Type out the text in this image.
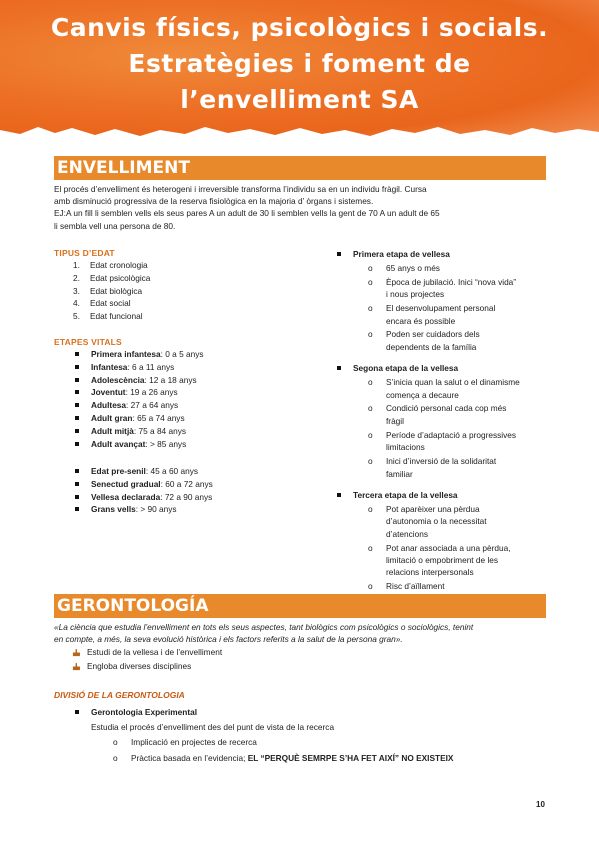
Canvis físics, psicològics i socials.
Estratègies i foment de
l’envelliment SA
ENVELLIMENT
El procés d’envelliment és heterogeni i irreversible transforma l’individu sa en un individu fràgil. Cursa
amb disminució progressiva de la reserva fisiològica en la majoria d’ òrgans i sistemes.
EJ:A un fill li semblen vells els seus pares A un adult de 30 li semblen vells la gent de 70 A un adult de 65
li sembla vell una persona de 80.
TIPUS D’EDAT
1.	Edat cronologia
2.	Edat psicològica
3.	Edat biològica
4.	Edat social
5.	Edat funcional
ETAPES VITALS
Primera infantesa: 0 a 5 anys
Infantesa: 6 a 11 anys
Adolescència: 12 a 18 anys
Joventut: 19 a 26 anys
Adultesa: 27 a 64 anys
Adult gran: 65 a 74 anys
Adult mitjà: 75 a 84 anys
Adult avançat: > 85 anys
Edat pre-senil: 45 a 60 anys
Senectud gradual: 60 a 72 anys
Vellesa declarada: 72 a 90 anys
Grans vells: > 90 anys
Primera etapa de vellesa
o	65 anys o més
o	Època de jubilació. Inici “nova vida”
i nous projectes
o	El desenvolupament personal
encara és possible
o	Poden ser cuidadors dels
dependents de la família
Segona etapa de la vellesa
o	S’inicia quan la salut o el dinamisme
comença a decaure
o	Condició personal cada cop més
fràgil
o	Període d’adaptació a progressives
limitacions
o	Inici d’inversió de la solidaritat
familiar
Tercera etapa de la vellesa
o	Pot aparèixer una pèrdua
d’autonomia o la necessitat
d’atencions
o	Pot anar associada a una pèrdua,
limitació o empobriment de les
relacions interpersonals
o	Risc d’aïllament
GERONTOLOGÍA
«La ciència que estudia l’envelliment en tots els seus aspectes, tant biològics com psicològics o sociològics, tenint
en compte, a més, la seva evolució històrica i els factors referits a la salut de la persona gran».
Estudi de la vellesa i de l’envelliment
Engloba diverses disciplines
DIVISIÓ DE LA GERONTOLOGIA
Gerontologia Experimental
Estudia el procés d’envelliment des del punt de vista de la recerca
o	Implicació en projectes de recerca
o	Pràctica basada en l’evidencia; EL “PERQUÈ SEMRPE S’HA FET AIXÍ” NO EXISTEIX
10
